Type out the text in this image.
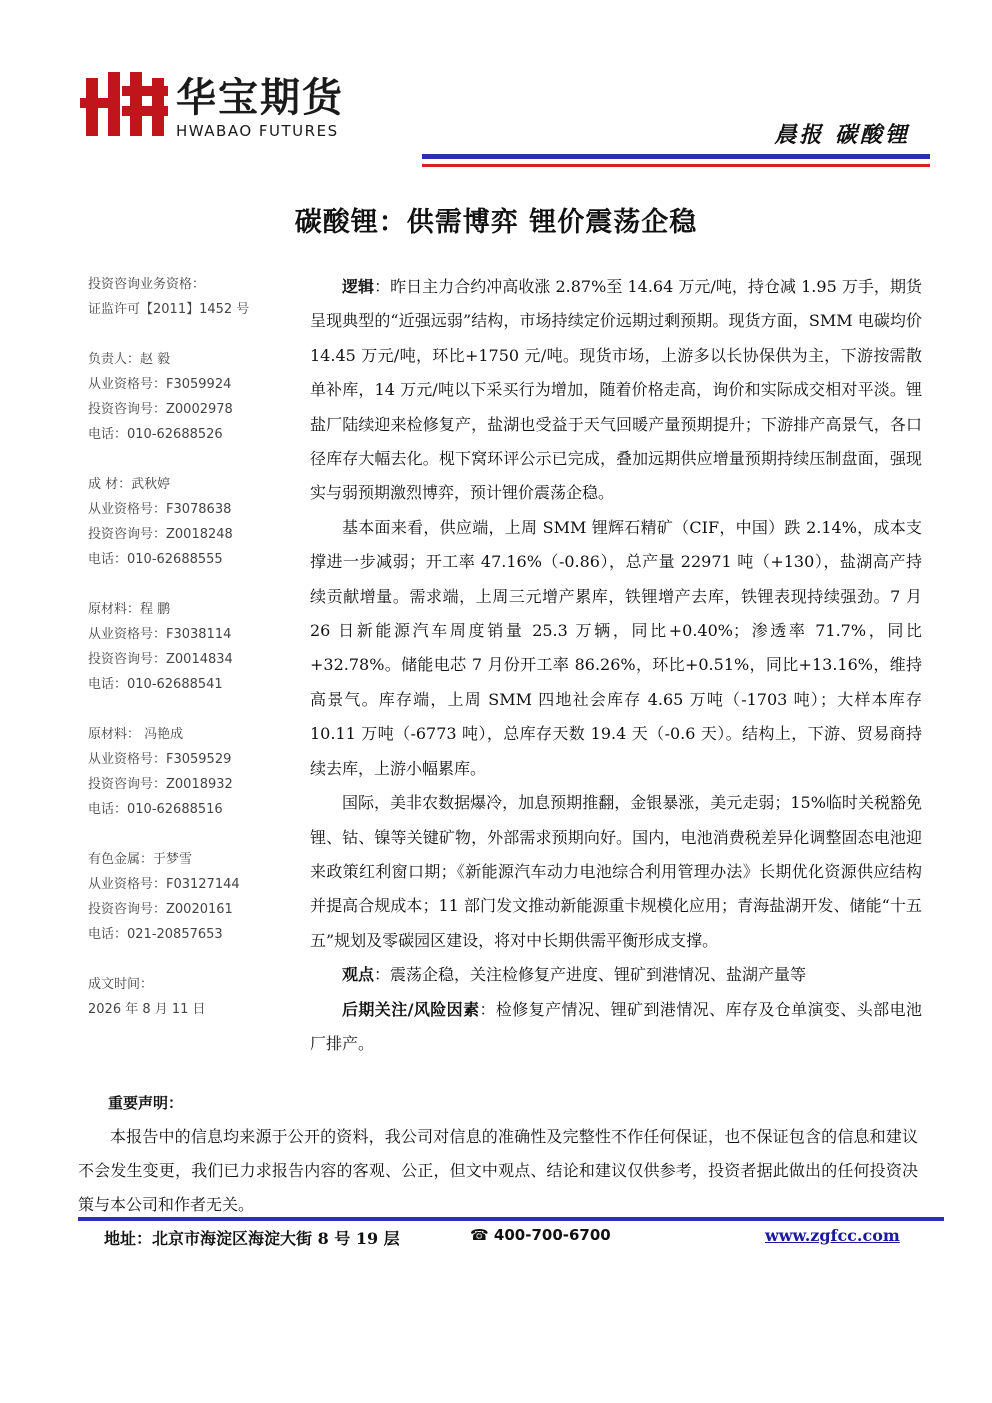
华宝期货
HWABAO FUTURES	晨报 碳酸锂
碳酸锂：供需博弈 锂价震荡企稳
投资咨询业务资格：
证监许可【2011】1452 号
负责人：赵 毅
从业资格号：F3059924
投资咨询号：Z0002978
电话：010-62688526
成 材：武秋婷
从业资格号：F3078638
投资咨询号：Z0018248
电话：010-62688555
原材料：程 鹏
从业资格号：F3038114
投资咨询号：Z0014834
电话：010-62688541
原材料： 冯艳成
从业资格号：F3059529
投资咨询号：Z0018932
电话：010-62688516
有色金属：于梦雪
从业资格号：F03127144
投资咨询号：Z0020161
电话：021-20857653
成文时间：
2026 年 8 月 11 日

逻辑：昨日主力合约冲高收涨 2.87%至 14.64 万元/吨，持仓减 1.95 万手，期货呈现典型的“近强远弱”结构，市场持续定价远期过剩预期。现货方面，SMM 电碳均价 14.45 万元/吨，环比+1750 元/吨。现货市场，上游多以长协保供为主，下游按需散单补库，14 万元/吨以下采买行为增加，随着价格走高，询价和实际成交相对平淡。锂盐厂陆续迎来检修复产，盐湖也受益于天气回暖产量预期提升；下游排产高景气，各口径库存大幅去化。枧下窝环评公示已完成，叠加远期供应增量预期持续压制盘面，强现实与弱预期激烈博弈，预计锂价震荡企稳。

基本面来看，供应端，上周 SMM 锂辉石精矿（CIF，中国）跌 2.14%，成本支撑进一步减弱；开工率 47.16%（-0.86），总产量 22971 吨（+130），盐湖高产持续贡献增量。需求端，上周三元增产累库，铁锂增产去库，铁锂表现持续强劲。7 月 26 日新能源汽车周度销量 25.3 万辆，同比+0.40%；渗透率 71.7%，同比+32.78%。储能电芯 7 月份开工率 86.26%，环比+0.51%，同比+13.16%，维持高景气。库存端，上周 SMM 四地社会库存 4.65 万吨（-1703 吨）；大样本库存 10.11 万吨（-6773 吨），总库存天数 19.4 天（-0.6 天）。结构上，下游、贸易商持续去库，上游小幅累库。

国际，美非农数据爆冷，加息预期推翻，金银暴涨，美元走弱；15%临时关税豁免锂、钴、镍等关键矿物，外部需求预期向好。国内，电池消费税差异化调整固态电池迎来政策红利窗口期；《新能源汽车动力电池综合利用管理办法》长期优化资源供应结构并提高合规成本；11 部门发文推动新能源重卡规模化应用；青海盐湖开发、储能“十五五”规划及零碳园区建设，将对中长期供需平衡形成支撑。

观点：震荡企稳，关注检修复产进度、锂矿到港情况、盐湖产量等

后期关注/风险因素：检修复产情况、锂矿到港情况、库存及仓单演变、头部电池厂排产。

重要声明：
本报告中的信息均来源于公开的资料，我公司对信息的准确性及完整性不作任何保证，也不保证包含的信息和建议不会发生变更，我们已力求报告内容的客观、公正，但文中观点、结论和建议仅供参考，投资者据此做出的任何投资决策与本公司和作者无关。
地址：北京市海淀区海淀大街 8 号 19 层	☎ 400-700-6700	www.zgfcc.com
